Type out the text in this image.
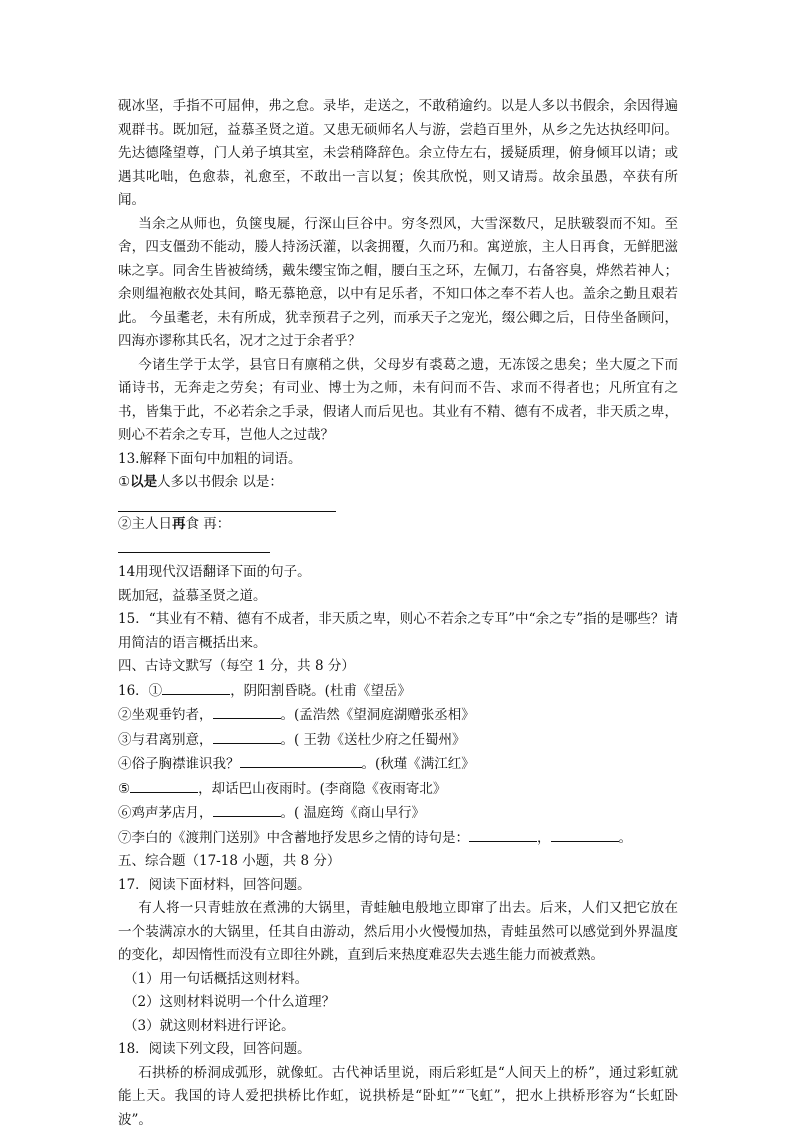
砚冰坚，手指不可屈伸，弗之怠。录毕，走送之，不敢稍逾约。以是人多以书假余，余因得遍观群书。既加冠，益慕圣贤之道。又患无硕师名人与游，尝趋百里外，从乡之先达执经叩问。先达德隆望尊，门人弟子填其室，未尝稍降辞色。余立侍左右，援疑质理，俯身倾耳以请；或遇其叱咄，色愈恭，礼愈至，不敢出一言以复；俟其欣悦，则又请焉。故余虽愚，卒获有所闻。

当余之从师也，负箧曳屣，行深山巨谷中。穷冬烈风，大雪深数尺，足肤皲裂而不知。至舍，四支僵劲不能动，媵人持汤沃灌，以衾拥覆，久而乃和。寓逆旅，主人日再食，无鲜肥滋味之享。同舍生皆被绮绣，戴朱缨宝饰之帽，腰白玉之环，左佩刀，右备容臭，烨然若神人；余则缊袍敝衣处其间，略无慕艳意，以中有足乐者，不知口体之奉不若人也。盖余之勤且艰若此。 今虽耄老，未有所成，犹幸预君子之列，而承天子之宠光，缀公卿之后，日侍坐备顾问，四海亦谬称其氏名，况才之过于余者乎？

今诸生学于太学，县官日有廪稍之供，父母岁有裘葛之遗，无冻馁之患矣；坐大厦之下而诵诗书，无奔走之劳矣；有司业、博士为之师，未有问而不告、求而不得者也；凡所宜有之书，皆集于此，不必若余之手录，假诸人而后见也。其业有不精、德有不成者，非天质之卑，则心不若余之专耳，岂他人之过哉？

13.解释下面句中加粗的词语。

①以是人多以书假余 以是：

②主人日再食 再：

14用现代汉语翻译下面的句子。

既加冠，益慕圣贤之道。

15．“其业有不精、德有不成者，非天质之卑，则心不若余之专耳”中“余之专”指的是哪些？请用简洁的语言概括出来。

四、古诗文默写（每空 1 分，共 8 分）

16．①	，阴阳割昏晓。(杜甫《望岳》

②坐观垂钓者，	。(孟浩然《望洞庭湖赠张丞相》

③与君离别意，	。( 王勃《送杜少府之任蜀州》

④俗子胸襟谁识我？	。(秋瑾《满江红》

⑤	，却话巴山夜雨时。(李商隐《夜雨寄北》

⑥鸡声茅店月，	。( 温庭筠《商山早行》

⑦李白的《渡荆门送别》中含蓄地抒发思乡之情的诗句是：	，	。

五、综合题（17-18 小题，共 8 分）

17．阅读下面材料，回答问题。

有人将一只青蛙放在煮沸的大锅里，青蛙触电般地立即窜了出去。后来，人们又把它放在一个装满凉水的大锅里，任其自由游动，然后用小火慢慢加热，青蛙虽然可以感觉到外界温度的变化，却因惰性而没有立即往外跳，直到后来热度难忍失去逃生能力而被煮熟。

（1）用一句话概括这则材料。

（2）这则材料说明一个什么道理？

（3）就这则材料进行评论。

18．阅读下列文段，回答问题。

石拱桥的桥洞成弧形，就像虹。古代神话里说，雨后彩虹是“人间天上的桥”，通过彩虹就能上天。我国的诗人爱把拱桥比作虹，说拱桥是“卧虹”“飞虹”，把水上拱桥形容为“长虹卧波”。
